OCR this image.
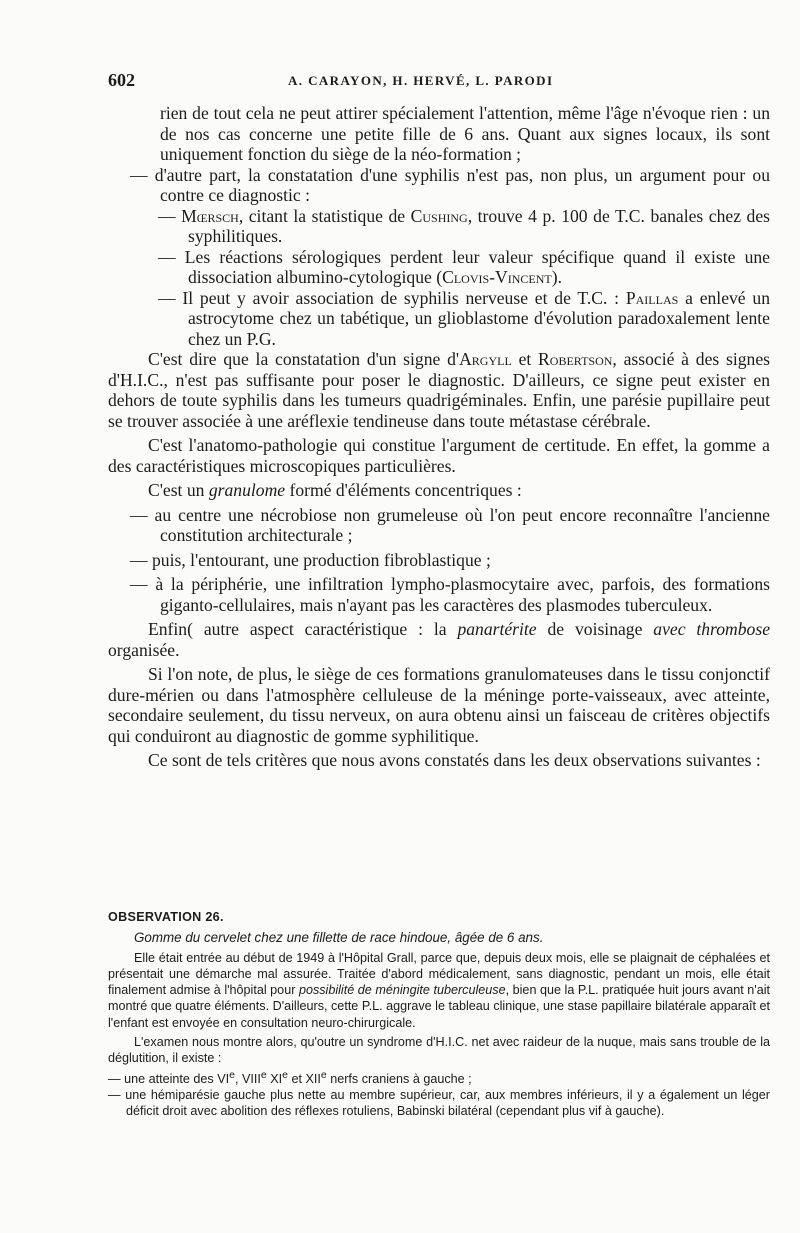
602	A. CARAYON, H. HERVÉ, L. PARODI

rien de tout cela ne peut attirer spécialement l'attention, même l'âge n'évoque rien : un de nos cas concerne une petite fille de 6 ans. Quant aux signes locaux, ils sont uniquement fonction du siège de la néo-formation ;

— d'autre part, la constatation d'une syphilis n'est pas, non plus, un argument pour ou contre ce diagnostic :

— Mœrsch, citant la statistique de Cushing, trouve 4 p. 100 de T.C. banales chez des syphilitiques.

— Les réactions sérologiques perdent leur valeur spécifique quand il existe une dissociation albumino-cytologique (Clovis-Vincent).

— Il peut y avoir association de syphilis nerveuse et de T.C. : Paillas a enlevé un astrocytome chez un tabétique, un glioblastome d'évolution paradoxalement lente chez un P.G.

C'est dire que la constatation d'un signe d'Argyll et Robertson, associé à des signes d'H.I.C., n'est pas suffisante pour poser le diagnostic. D'ailleurs, ce signe peut exister en dehors de toute syphilis dans les tumeurs quadrigéminales. Enfin, une parésie pupillaire peut se trouver associée à une aréflexie tendineuse dans toute métastase cérébrale.

C'est l'anatomo-pathologie qui constitue l'argument de certitude. En effet, la gomme a des caractéristiques microscopiques particulières.

C'est un granulome formé d'éléments concentriques :

— au centre une nécrobiose non grumeleuse où l'on peut encore reconnaître l'ancienne constitution architecturale ;

— puis, l'entourant, une production fibroblastique ;

— à la périphérie, une infiltration lympho-plasmocytaire avec, parfois, des formations giganto-cellulaires, mais n'ayant pas les caractères des plasmodes tuberculeux.

Enfin( autre aspect caractéristique : la panartérite de voisinage avec thrombose organisée.

Si l'on note, de plus, le siège de ces formations granulomateuses dans le tissu conjonctif dure-mérien ou dans l'atmosphère celluleuse de la méninge porte-vaisseaux, avec atteinte, secondaire seulement, du tissu nerveux, on aura obtenu ainsi un faisceau de critères objectifs qui conduiront au diagnostic de gomme syphilitique.

Ce sont de tels critères que nous avons constatés dans les deux observations suivantes :

OBSERVATION 26.

Gomme du cervelet chez une fillette de race hindoue, âgée de 6 ans.

Elle était entrée au début de 1949 à l'Hôpital Grall, parce que, depuis deux mois, elle se plaignait de céphalées et présentait une démarche mal assurée. Traitée d'abord médicalement, sans diagnostic, pendant un mois, elle était finalement admise à l'hôpital pour possibilité de méningite tuberculeuse, bien que la P.L. pratiquée huit jours avant n'ait montré que quatre éléments. D'ailleurs, cette P.L. aggrave le tableau clinique, une stase papillaire bilatérale apparaît et l'enfant est envoyée en consultation neuro-chirurgicale.

L'examen nous montre alors, qu'outre un syndrome d'H.I.C. net avec raideur de la nuque, mais sans trouble de la déglutition, il existe :

— une atteinte des VIe, VIIIe XIe et XIIe nerfs craniens à gauche ;

— une hémiparésie gauche plus nette au membre supérieur, car, aux membres inférieurs, il y a également un léger déficit droit avec abolition des réflexes rotuliens, Babinski bilatéral (cependant plus vif à gauche).
